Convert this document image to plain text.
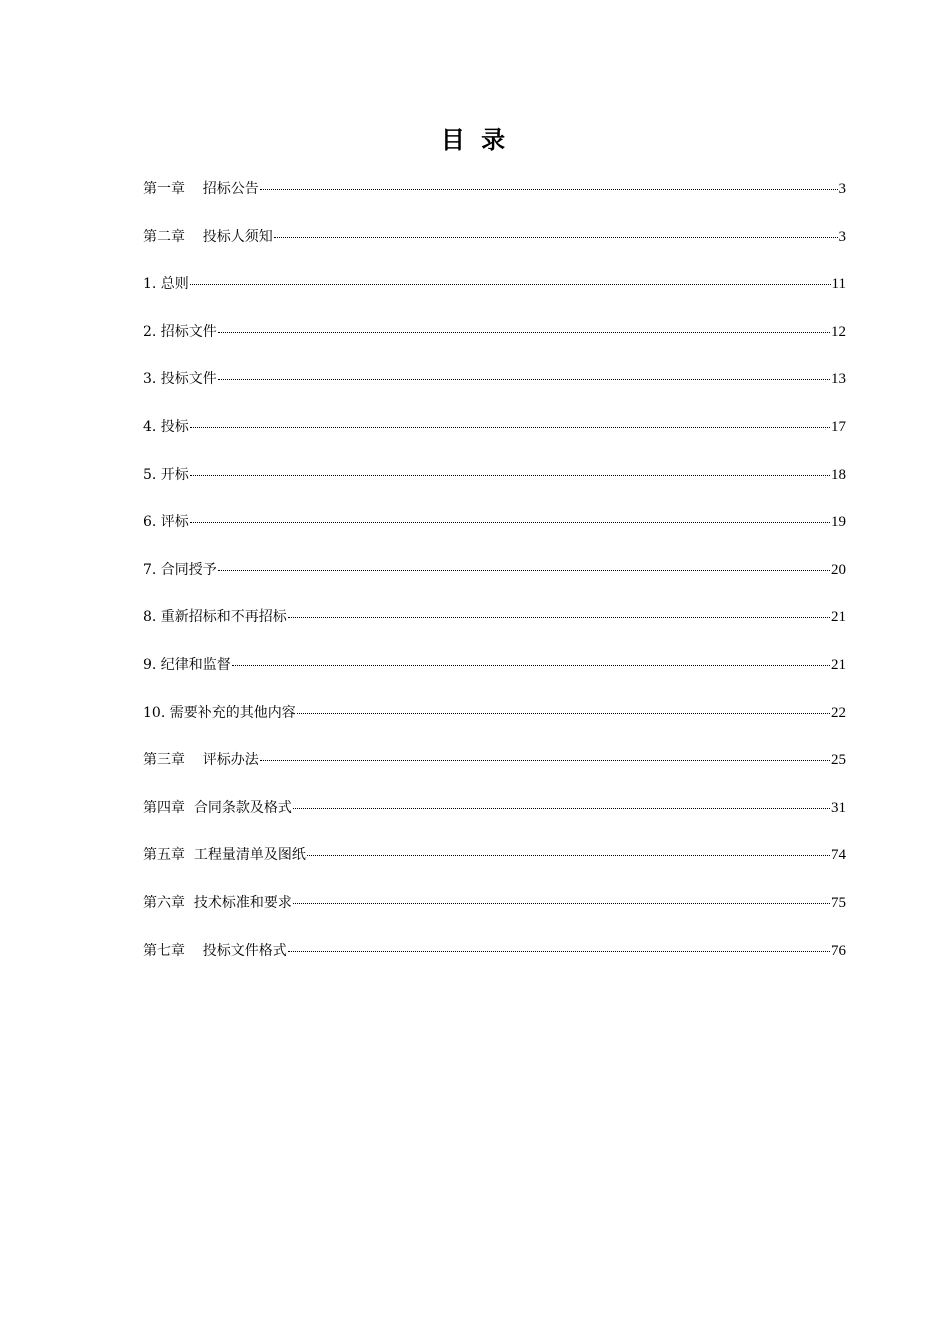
目 录
第一章    招标公告	3
第二章    投标人须知	3
1. 总则	11
2. 招标文件	12
3. 投标文件	13
4. 投标	17
5. 开标	18
6. 评标	19
7. 合同授予	20
8. 重新招标和不再招标	21
9. 纪律和监督	21
10. 需要补充的其他内容	22
第三章    评标办法	25
第四章  合同条款及格式	31
第五章  工程量清单及图纸	74
第六章  技术标准和要求	75
第七章    投标文件格式	76
